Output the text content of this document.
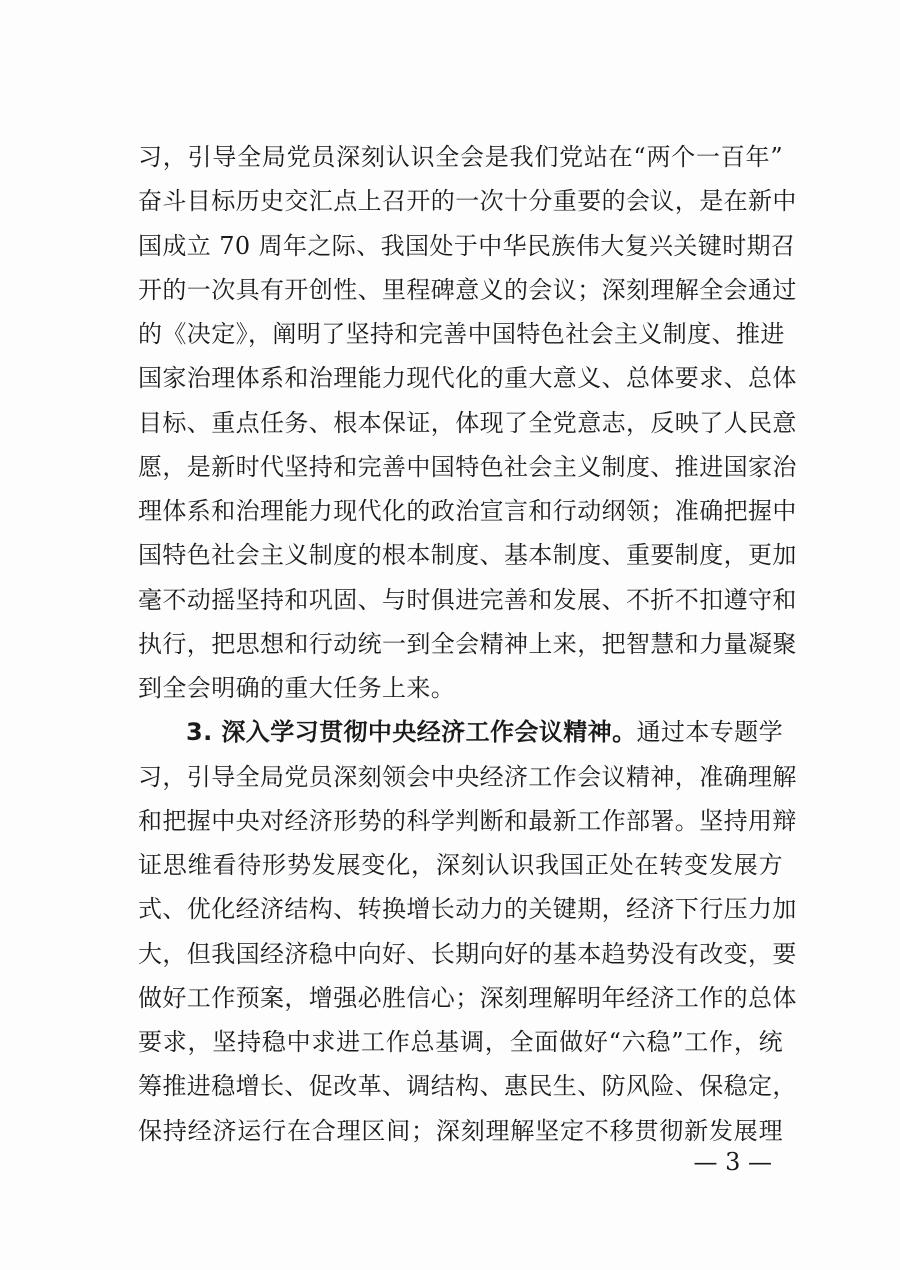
习，引导全局党员深刻认识全会是我们党站在“两个一百年”
奋斗目标历史交汇点上召开的一次十分重要的会议，是在新中
国成立 70 周年之际、我国处于中华民族伟大复兴关键时期召
开的一次具有开创性、里程碑意义的会议；深刻理解全会通过
的《决定》，阐明了坚持和完善中国特色社会主义制度、推进
国家治理体系和治理能力现代化的重大意义、总体要求、总体
目标、重点任务、根本保证，体现了全党意志，反映了人民意
愿，是新时代坚持和完善中国特色社会主义制度、推进国家治
理体系和治理能力现代化的政治宣言和行动纲领；准确把握中
国特色社会主义制度的根本制度、基本制度、重要制度，更加
毫不动摇坚持和巩固、与时俱进完善和发展、不折不扣遵守和
执行，把思想和行动统一到全会精神上来，把智慧和力量凝聚
到全会明确的重大任务上来。
3. 深入学习贯彻中央经济工作会议精神。通过本专题学
习，引导全局党员深刻领会中央经济工作会议精神，准确理解
和把握中央对经济形势的科学判断和最新工作部署。坚持用辩
证思维看待形势发展变化，深刻认识我国正处在转变发展方
式、优化经济结构、转换增长动力的关键期，经济下行压力加
大，但我国经济稳中向好、长期向好的基本趋势没有改变，要
做好工作预案，增强必胜信心；深刻理解明年经济工作的总体
要求，坚持稳中求进工作总基调，全面做好“六稳”工作，统
筹推进稳增长、促改革、调结构、惠民生、防风险、保稳定，
保持经济运行在合理区间；深刻理解坚定不移贯彻新发展理
— 3 —
